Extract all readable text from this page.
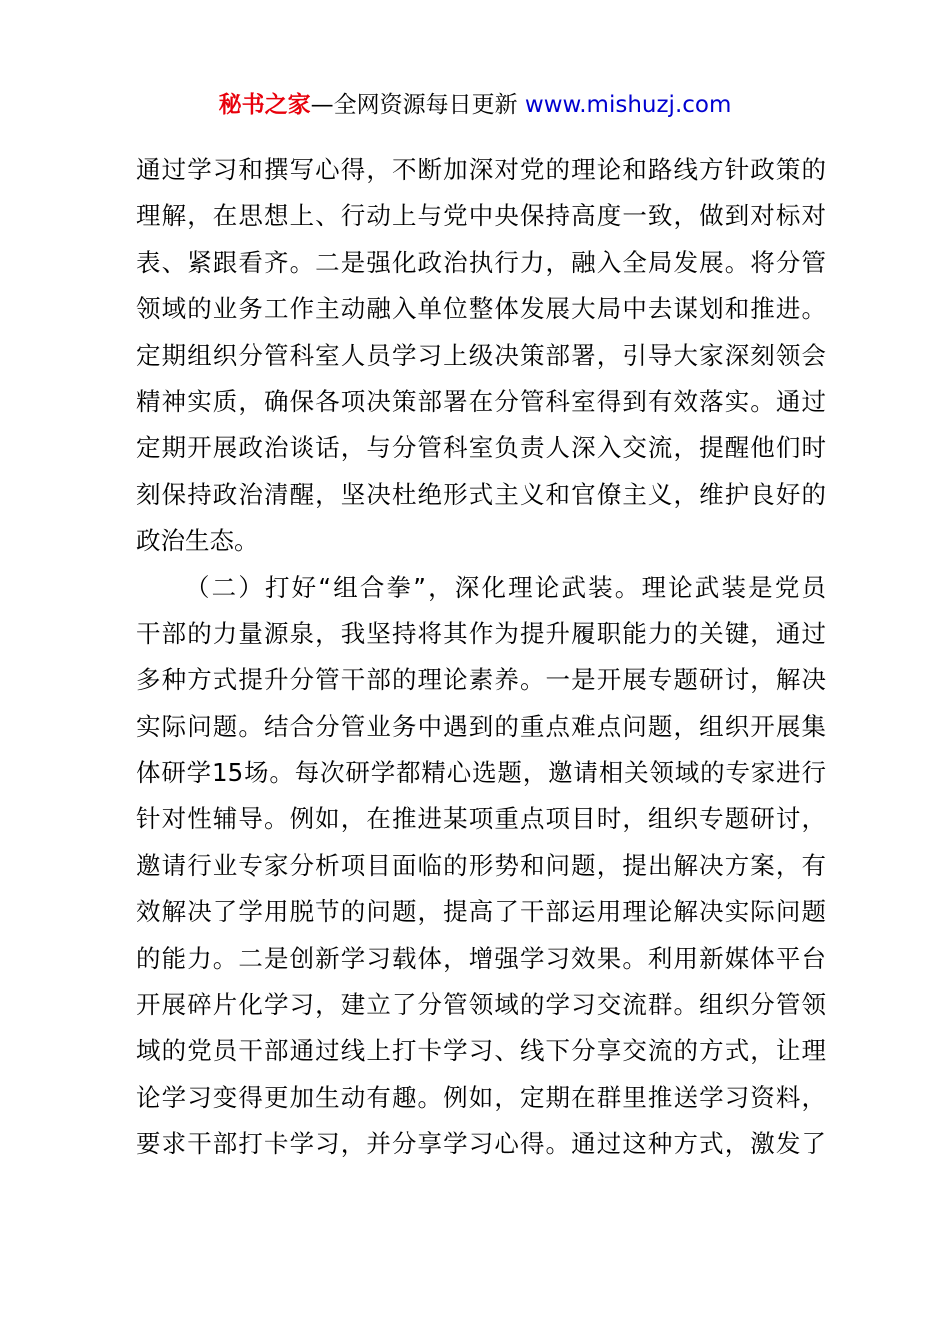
秘书之家—全网资源每日更新 www.mishuzj.com
通过学习和撰写心得，不断加深对党的理论和路线方针政策的
理解，在思想上、行动上与党中央保持高度一致，做到对标对
表、紧跟看齐。二是强化政治执行力，融入全局发展。将分管
领域的业务工作主动融入单位整体发展大局中去谋划和推进。
定期组织分管科室人员学习上级决策部署，引导大家深刻领会
精神实质，确保各项决策部署在分管科室得到有效落实。通过
定期开展政治谈话，与分管科室负责人深入交流，提醒他们时
刻保持政治清醒，坚决杜绝形式主义和官僚主义，维护良好的
政治生态。
（二）打好“组合拳”，深化理论武装。理论武装是党员
干部的力量源泉，我坚持将其作为提升履职能力的关键，通过
多种方式提升分管干部的理论素养。一是开展专题研讨，解决
实际问题。结合分管业务中遇到的重点难点问题，组织开展集
体研学15场。每次研学都精心选题，邀请相关领域的专家进行
针对性辅导。例如，在推进某项重点项目时，组织专题研讨，
邀请行业专家分析项目面临的形势和问题，提出解决方案，有
效解决了学用脱节的问题，提高了干部运用理论解决实际问题
的能力。二是创新学习载体，增强学习效果。利用新媒体平台
开展碎片化学习，建立了分管领域的学习交流群。组织分管领
域的党员干部通过线上打卡学习、线下分享交流的方式，让理
论学习变得更加生动有趣。例如，定期在群里推送学习资料，
要求干部打卡学习，并分享学习心得。通过这种方式，激发了
